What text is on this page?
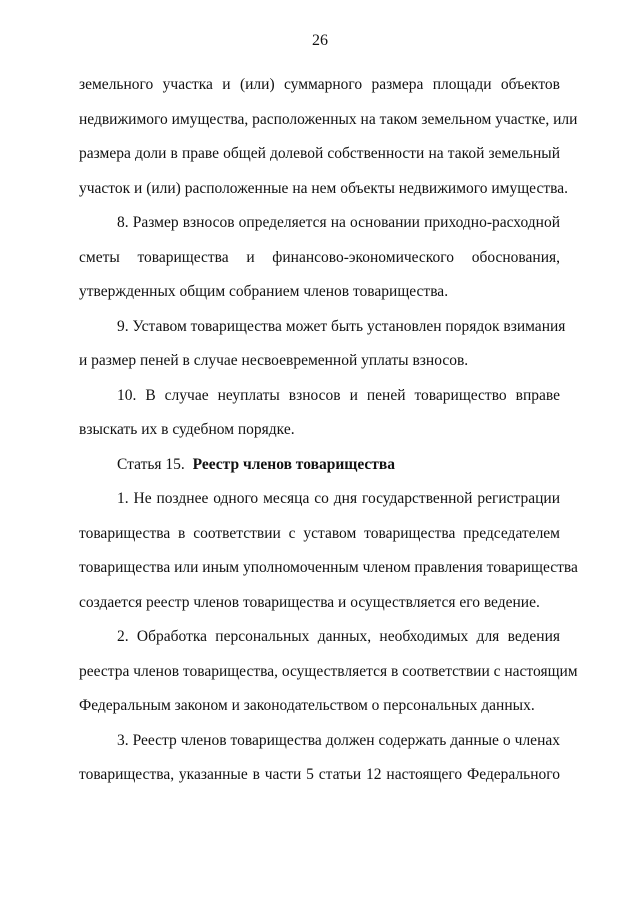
26
земельного участка и (или) суммарного размера площади объектов
недвижимого имущества, расположенных на таком земельном участке, или
размера доли в праве общей долевой собственности на такой земельный
участок и (или) расположенные на нем объекты недвижимого имущества.
8. Размер взносов определяется на основании приходно-расходной
сметы товарищества и финансово-экономического обоснования,
утвержденных общим собранием членов товарищества.
9. Уставом товарищества может быть установлен порядок взимания
и размер пеней в случае несвоевременной уплаты взносов.
10. В случае неуплаты взносов и пеней товарищество вправе
взыскать их в судебном порядке.
Статья 15. Реестр членов товарищества
1. Не позднее одного месяца со дня государственной регистрации
товарищества в соответствии с уставом товарищества председателем
товарищества или иным уполномоченным членом правления товарищества
создается реестр членов товарищества и осуществляется его ведение.
2. Обработка персональных данных, необходимых для ведения
реестра членов товарищества, осуществляется в соответствии с настоящим
Федеральным законом и законодательством о персональных данных.
3. Реестр членов товарищества должен содержать данные о членах
товарищества, указанные в части 5 статьи 12 настоящего Федерального
